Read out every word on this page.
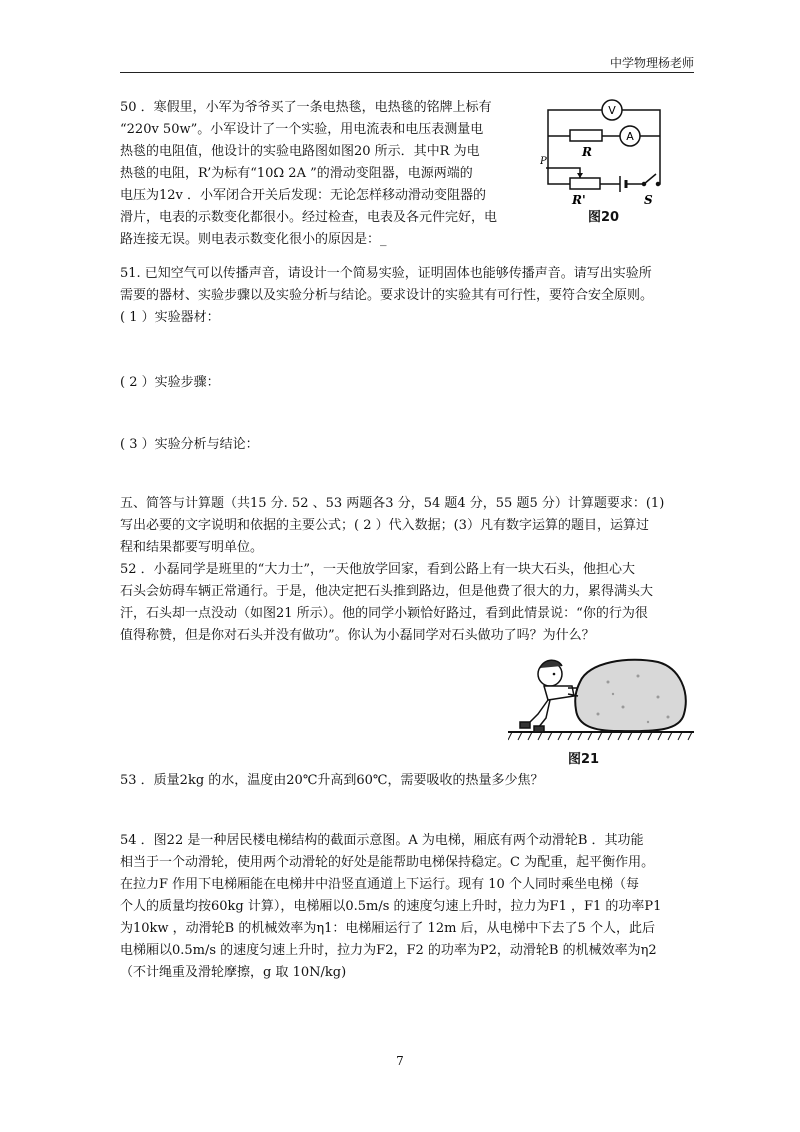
中学物理杨老师
50 ．寒假里，小军为爷爷买了一条电热毯，电热毯的铭牌上标有
“220v 50w”。小军设计了一个实验，用电流表和电压表测量电
热毯的电阻值，他设计的实验电路图如图20 所示．其中R 为电
热毯的电阻，R’为标有“10Ω 2A ”的滑动变阻器，电源两端的
电压为12v ．小军闭合开关后发现：无论怎样移动滑动变阻器的
滑片，电表的示数变化都很小。经过检查，电表及各元件完好，电
路连接无误。则电表示数变化很小的原因是：_
V
A
R
R'
P
S
图20
51. 已知空气可以传播声音，请设计一个简易实验，证明固体也能够传播声音。请写出实验所
需要的器材、实验步骤以及实验分析与结论。要求设计的实验其有可行性，要符合安全原则。
( 1 ）实验器材：
( 2 ）实验步骤：
( 3 ）实验分析与结论：
五、简答与计算题（共15 分. 52 、53 两题各3 分，54 题4 分，55 题5 分）计算题要求：(1)
写出必要的文字说明和依据的主要公式；( 2 ）代入数据；(3）凡有数字运算的题目，运算过
程和结果都要写明单位。
52 ．小磊同学是班里的“大力士”，一天他放学回家，看到公路上有一块大石头，他担心大
石头会妨碍车辆正常通行。于是，他决定把石头推到路边，但是他费了很大的力，累得满头大
汗，石头却一点没动（如图21 所示）。他的同学小颖恰好路过，看到此情景说：“你的行为很
值得称赞，但是你对石头并没有做功”。你认为小磊同学对石头做功了吗？为什么？
图21
53 ．质量2kg 的水，温度由20℃升高到60℃，需要吸收的热量多少焦？
54 ．图22 是一种居民楼电梯结构的截面示意图。A 为电梯，厢底有两个动滑轮B ．其功能
相当于一个动滑轮，使用两个动滑轮的好处是能帮助电梯保持稳定。C 为配重，起平衡作用。
在拉力F 作用下电梯厢能在电梯井中沿竖直通道上下运行。现有 10 个人同时乘坐电梯（每
个人的质量均按60kg 计算），电梯厢以0.5m/s 的速度匀速上升时，拉力为F1 ，F1 的功率P1
为10kw ，动滑轮B 的机械效率为η1：电梯厢运行了 12m 后，从电梯中下去了5 个人，此后
电梯厢以0.5m/s 的速度匀速上升时，拉力为F2，F2 的功率为P2，动滑轮B 的机械效率为η2
（不计绳重及滑轮摩擦，g 取 10N/kg)
7
